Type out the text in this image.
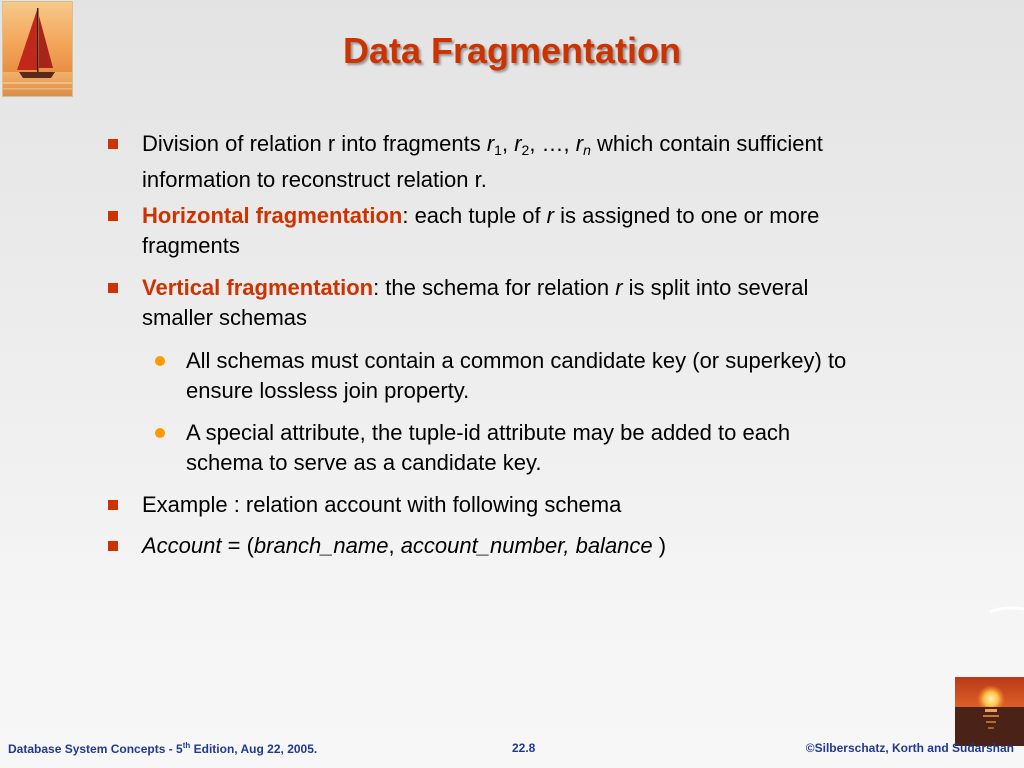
Data Fragmentation
Division of relation r into fragments $r_1$, $r_2$, …, $r_n$ which contain sufficient
information to reconstruct relation r.
Horizontal fragmentation: each tuple of r is assigned to one or more
fragments
Vertical fragmentation: the schema for relation r is split into several
smaller schemas
All schemas must contain a common candidate key (or superkey) to
ensure lossless join property.
A special attribute, the tuple-id attribute may be added to each
schema to serve as a candidate key.
Example : relation account with following schema
Account = (branch_name, account_number, balance )
Database System Concepts - 5th Edition, Aug 22, 2005.	22.8	©Silberschatz, Korth and Sudarshan
